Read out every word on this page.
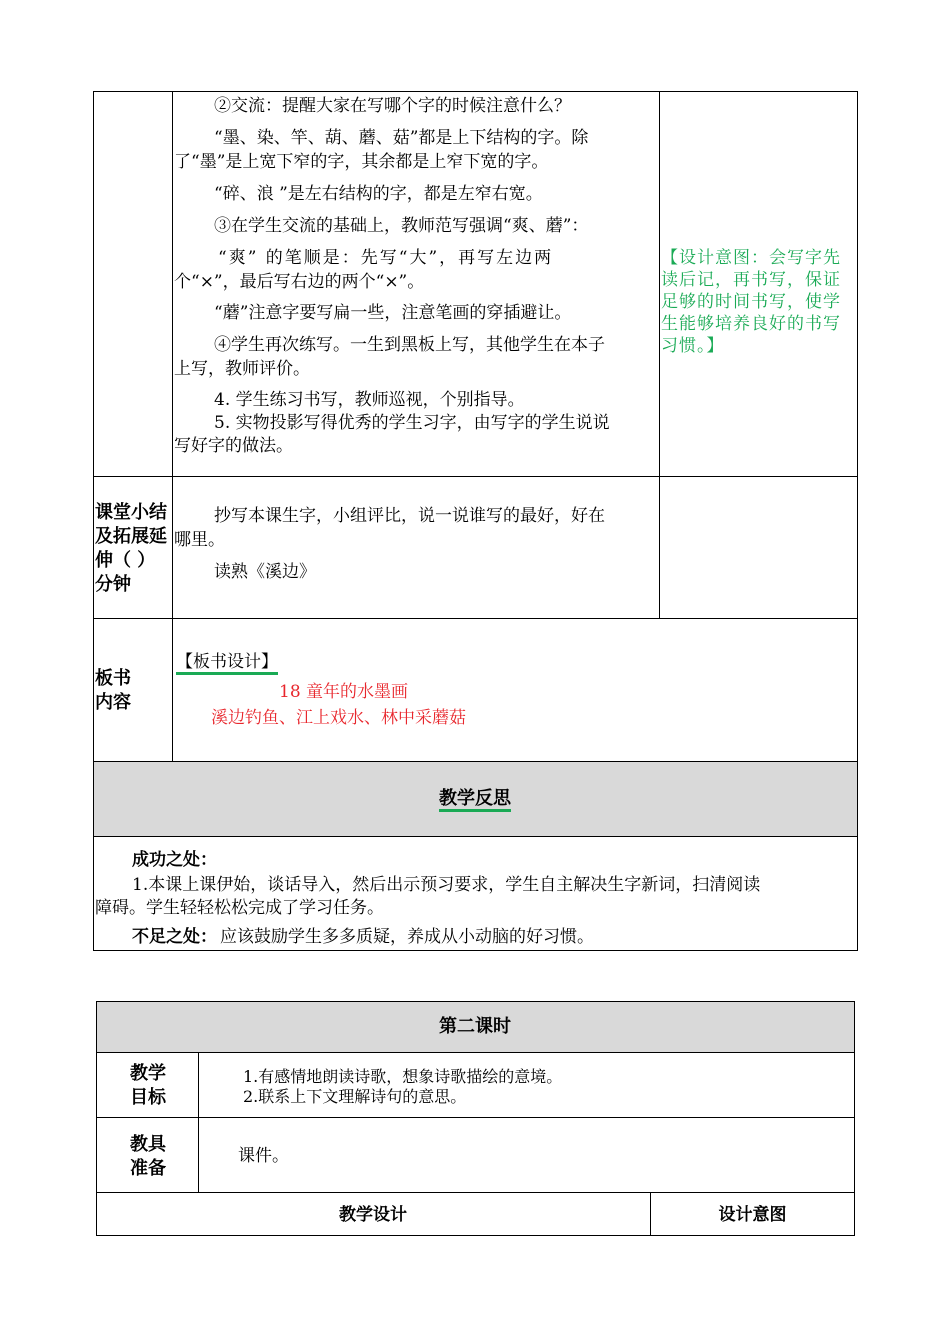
②交流：提醒大家在写哪个字的时候注意什么？
“墨、染、竿、葫、蘑、菇”都是上下结构的字。除
了“墨”是上宽下窄的字，其余都是上窄下宽的字。
“碎、浪 ”是左右结构的字，都是左窄右宽。
③在学生交流的基础上，教师范写强调“爽、蘑”：
“爽” 的笔顺是：先写“大”，再写左边两
个“×”，最后写右边的两个“×”。
“蘑”注意字要写扁一些，注意笔画的穿插避让。
④学生再次练写。一生到黑板上写，其他学生在本子
上写，教师评价。
4. 学生练习书写，教师巡视，个别指导。
5. 实物投影写得优秀的学生习字，由写字的学生说说
写好字的做法。
【设计意图：会写字先
读后记，再书写，保证
足够的时间书写，使学
生能够培养良好的书写
习惯。】
课堂小结
及拓展延
伸（ ）
分钟
抄写本课生字，小组评比，说一说谁写的最好，好在
哪里。
读熟《溪边》
板书
内容
【板书设计】
18 童年的水墨画
溪边钓鱼、江上戏水、林中采蘑菇
教学反思
成功之处：
1.本课上课伊始，谈话导入，然后出示预习要求，学生自主解决生字新词，扫清阅读
障碍。学生轻轻松松完成了学习任务。
不足之处： 应该鼓励学生多多质疑，养成从小动脑的好习惯。
第二课时
教学
目标
1.有感情地朗读诗歌，想象诗歌描绘的意境。
2.联系上下文理解诗句的意思。
教具
准备
课件。
教学设计	设计意图
